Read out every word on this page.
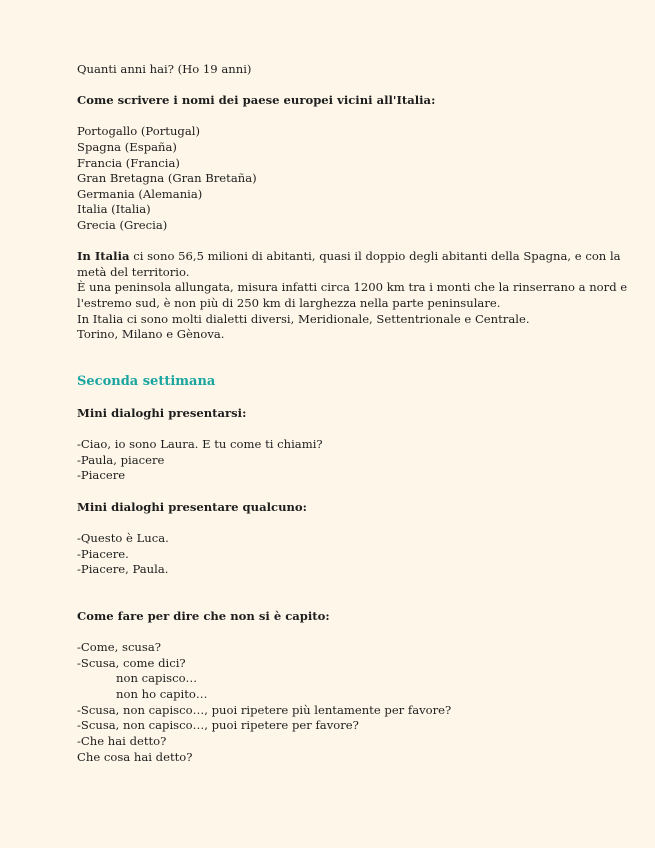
Quanti anni hai? (Ho 19 anni)
Come scrivere i nomi dei paese europei vicini all'Italia:
Portogallo (Portugal)
Spagna (España)
Francia (Francia)
Gran Bretagna (Gran Bretaña)
Germania (Alemania)
Italia (Italia)
Grecia (Grecia)
In Italia ci sono 56,5 milioni di abitanti, quasi il doppio degli abitanti della Spagna, e con la
metà del territorio.
È una peninsola allungata, misura infatti circa 1200 km tra i monti che la rinserrano a nord e
l'estremo sud, è non più di 250 km di larghezza nella parte peninsulare.
In Italia ci sono molti dialetti diversi, Meridionale, Settentrionale e Centrale.
Torino, Milano e Gènova.
Seconda settimana
Mini dialoghi presentarsi:
-Ciao, io sono Laura. E tu come ti chiami?
-Paula, piacere
-Piacere
Mini dialoghi presentare qualcuno:
-Questo è Luca.
-Piacere.
-Piacere, Paula.
Come fare per dire che non si è capito:
-Come, scusa?
-Scusa, come dici?
non capisco…
non ho capito…
-Scusa, non capisco…, puoi ripetere più lentamente per favore?
-Scusa, non capisco…, puoi ripetere per favore?
-Che hai detto?
Che cosa hai detto?
